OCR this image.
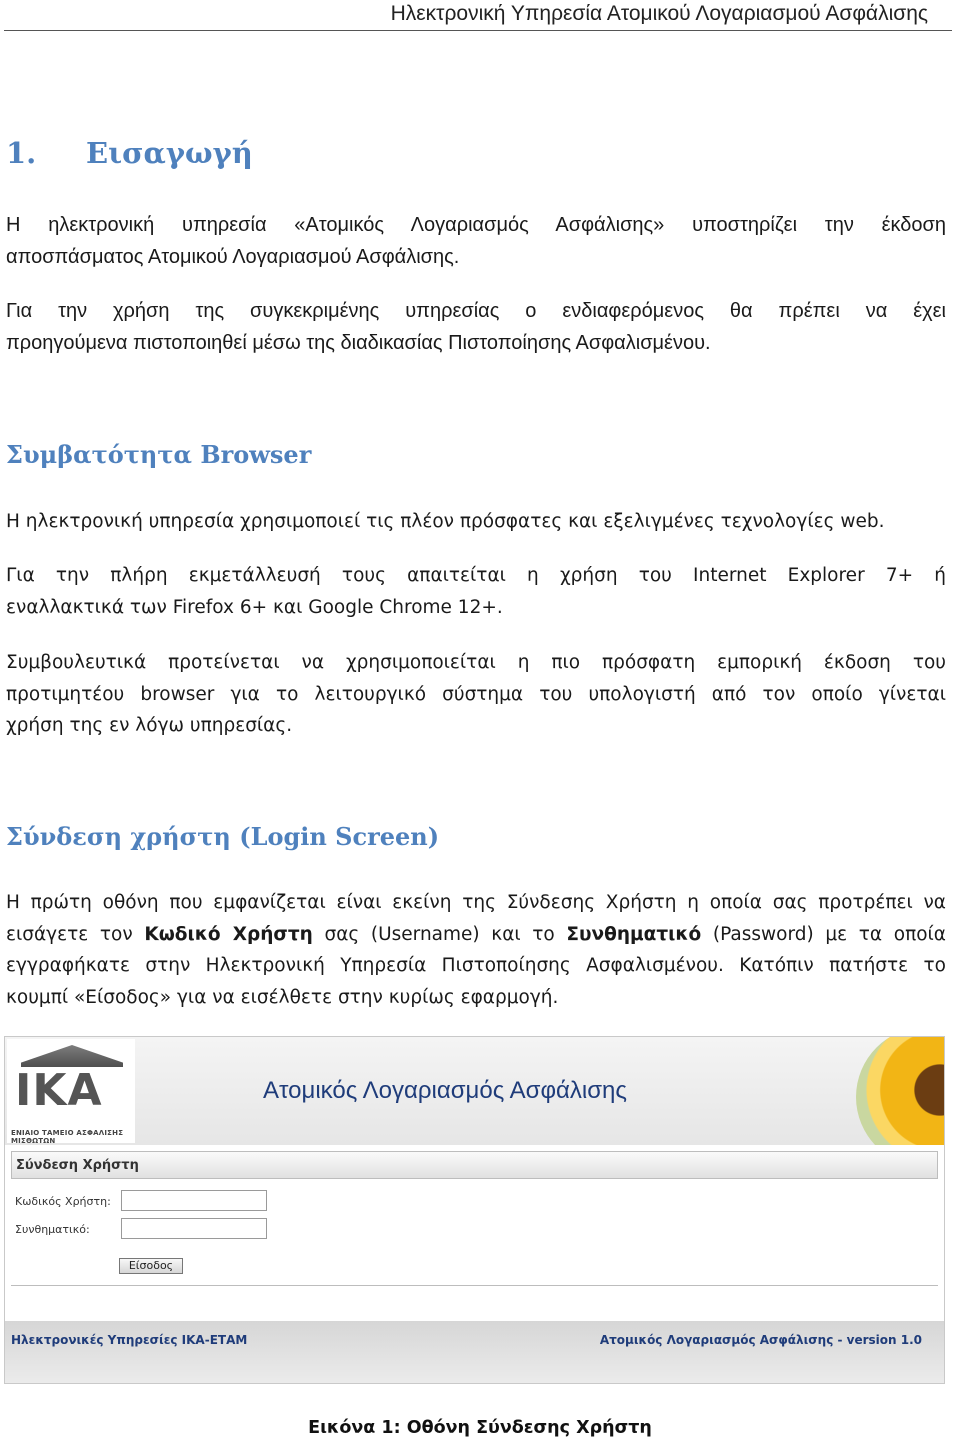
Ηλεκτρονική Υπηρεσία Ατομικού Λογαριασμού Ασφάλισης
1. Εισαγωγή
Η ηλεκτρονική υπηρεσία «Ατομικός Λογαριασμός Ασφάλισης» υποστηρίζει την έκδοση
αποσπάσματος Ατομικού Λογαριασμού Ασφάλισης.
Για την χρήση της συγκεκριμένης υπηρεσίας ο ενδιαφερόμενος θα πρέπει να έχει
προηγούμενα πιστοποιηθεί μέσω της διαδικασίας Πιστοποίησης Ασφαλισμένου.
Συμβατότητα Browser
Η ηλεκτρονική υπηρεσία χρησιμοποιεί τις πλέον πρόσφατες και εξελιγμένες τεχνολογίες web.
Για την πλήρη εκμετάλλευσή τους απαιτείται η χρήση του Internet Explorer 7+ ή
εναλλακτικά των Firefox 6+ και Google Chrome 12+.
Συμβουλευτικά προτείνεται να χρησιμοποιείται η πιο πρόσφατη εμπορική έκδοση του
προτιμητέου browser για το λειτουργικό σύστημα του υπολογιστή από τον οποίο γίνεται
χρήση της εν λόγω υπηρεσίας.
Σύνδεση χρήστη (Login Screen)
Η πρώτη οθόνη που εμφανίζεται είναι εκείνη της Σύνδεσης Χρήστη η οποία σας προτρέπει να
εισάγετε τον Κωδικό Χρήστη σας (Username) και το Συνθηματικό (Password) με τα οποία
εγγραφήκατε στην Ηλεκτρονική Υπηρεσία Πιστοποίησης Ασφαλισμένου. Κατόπιν πατήστε το
κουμπί «Είσοδος» για να εισέλθετε στην κυρίως εφαρμογή.
IKA
ΕΝΙΑΙΟ ΤΑΜΕΙΟ ΑΣΦΑΛΙΣΗΣ ΜΙΣΘΩΤΩΝ
Ατομικός Λογαριασμός Ασφάλισης
Σύνδεση Χρήστη
Κωδικός Χρήστη:
Συνθηματικό:
Είσοδος
Ηλεκτρονικές Υπηρεσίες ΙΚΑ-ΕΤΑΜ	Ατομικός Λογαριασμός Ασφάλισης - version 1.0
Εικόνα 1: Οθόνη Σύνδεσης Χρήστη
